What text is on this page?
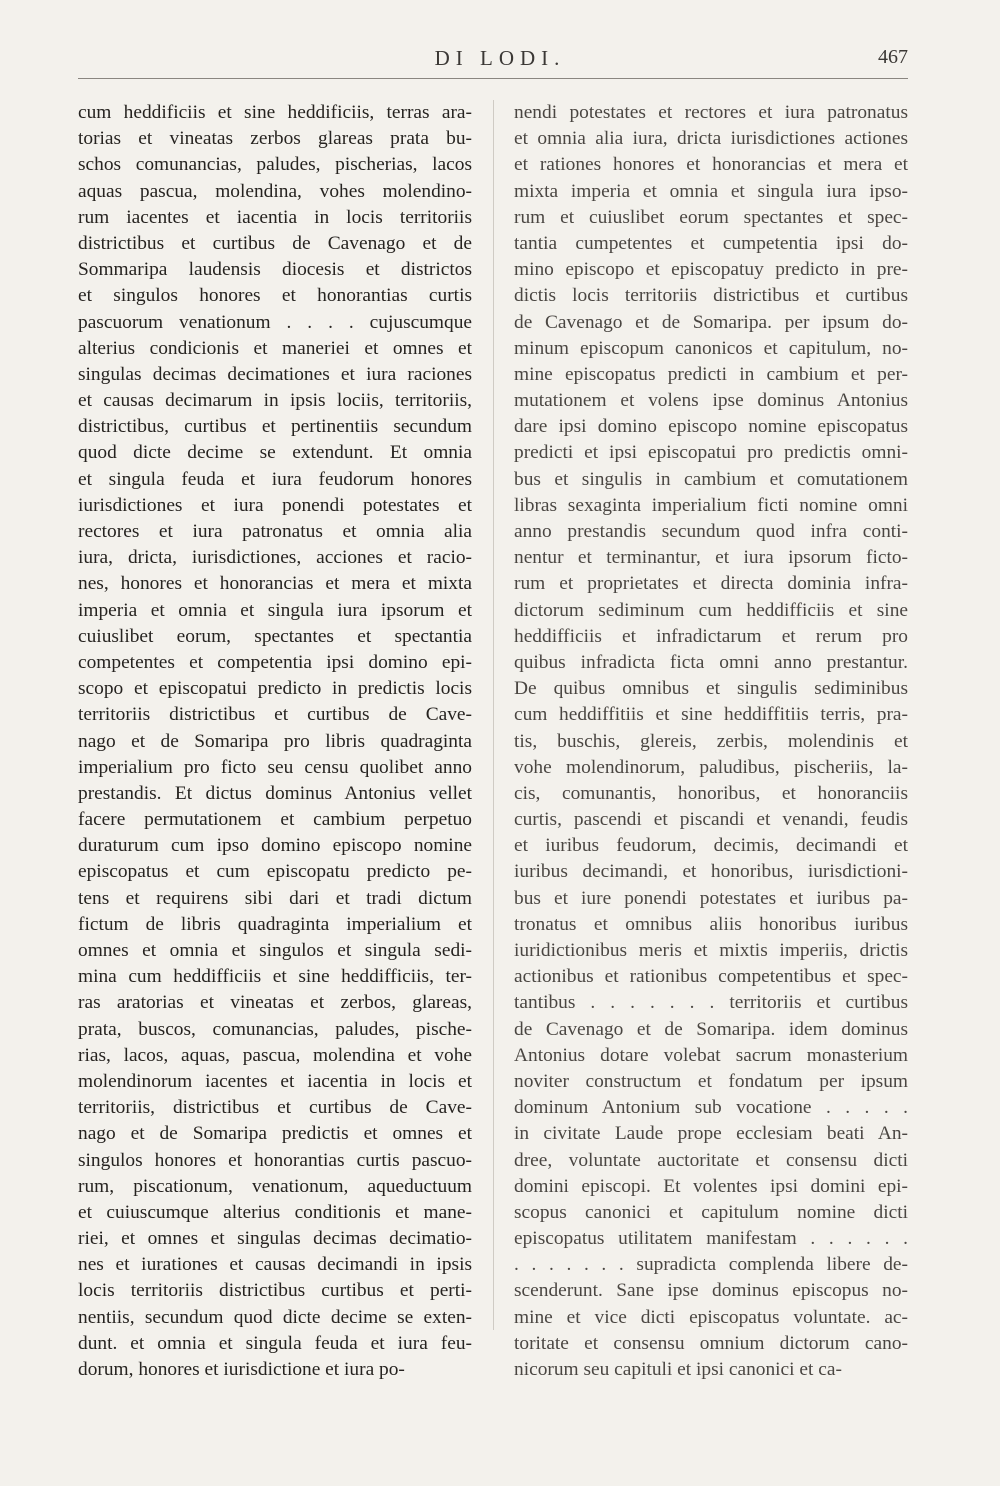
DI LODI.	467
cum heddificiis et sine heddificiis, terras ara-
torias et vineatas zerbos glareas prata bu-
schos comunancias, paludes, pischerias, lacos
aquas pascua, molendina, vohes molendino-
rum iacentes et iacentia in locis territoriis
districtibus et curtibus de Cavenago et de
Sommaripa laudensis diocesis et districtos
et singulos honores et honorantias curtis
pascuorum venationum . . . . cujuscumque
alterius condicionis et maneriei et omnes et
singulas decimas decimationes et iura raciones
et causas decimarum in ipsis lociis, territoriis,
districtibus, curtibus et pertinentiis secundum
quod dicte decime se extendunt. Et omnia
et singula feuda et iura feudorum honores
iurisdictiones et iura ponendi potestates et
rectores et iura patronatus et omnia alia
iura, dricta, iurisdictiones, acciones et racio-
nes, honores et honorancias et mera et mixta
imperia et omnia et singula iura ipsorum et
cuiuslibet eorum, spectantes et spectantia
competentes et competentia ipsi domino epi-
scopo et episcopatui predicto in predictis locis
territoriis districtibus et curtibus de Cave-
nago et de Somaripa pro libris quadraginta
imperialium pro ficto seu censu quolibet anno
prestandis. Et dictus dominus Antonius vellet
facere permutationem et cambium perpetuo
duraturum cum ipso domino episcopo nomine
episcopatus et cum episcopatu predicto pe-
tens et requirens sibi dari et tradi dictum
fictum de libris quadraginta imperialium et
omnes et omnia et singulos et singula sedi-
mina cum heddifficiis et sine heddifficiis, ter-
ras aratorias et vineatas et zerbos, glareas,
prata, buscos, comunancias, paludes, pische-
rias, lacos, aquas, pascua, molendina et vohe
molendinorum iacentes et iacentia in locis et
territoriis, districtibus et curtibus de Cave-
nago et de Somaripa predictis et omnes et
singulos honores et honorantias curtis pascuo-
rum, piscationum, venationum, aqueductuum
et cuiuscumque alterius conditionis et mane-
riei, et omnes et singulas decimas decimatio-
nes et iurationes et causas decimandi in ipsis
locis territoriis districtibus curtibus et perti-
nentiis, secundum quod dicte decime se exten-
dunt. et omnia et singula feuda et iura feu-
dorum, honores et iurisdictione et iura po-
nendi potestates et rectores et iura patronatus
et omnia alia iura, dricta iurisdictiones actiones
et rationes honores et honorancias et mera et
mixta imperia et omnia et singula iura ipso-
rum et cuiuslibet eorum spectantes et spec-
tantia cumpetentes et cumpetentia ipsi do-
mino episcopo et episcopatuy predicto in pre-
dictis locis territoriis districtibus et curtibus
de Cavenago et de Somaripa. per ipsum do-
minum episcopum canonicos et capitulum, no-
mine episcopatus predicti in cambium et per-
mutationem et volens ipse dominus Antonius
dare ipsi domino episcopo nomine episcopatus
predicti et ipsi episcopatui pro predictis omni-
bus et singulis in cambium et comutationem
libras sexaginta imperialium ficti nomine omni
anno prestandis secundum quod infra conti-
nentur et terminantur, et iura ipsorum ficto-
rum et proprietates et directa dominia infra-
dictorum sediminum cum heddifficiis et sine
heddifficiis et infradictarum et rerum pro
quibus infradicta ficta omni anno prestantur.
De quibus omnibus et singulis sediminibus
cum heddiffitiis et sine heddiffitiis terris, pra-
tis, buschis, glereis, zerbis, molendinis et
vohe molendinorum, paludibus, pischeriis, la-
cis, comunantis, honoribus, et honoranciis
curtis, pascendi et piscandi et venandi, feudis
et iuribus feudorum, decimis, decimandi et
iuribus decimandi, et honoribus, iurisdictioni-
bus et iure ponendi potestates et iuribus pa-
tronatus et omnibus aliis honoribus iuribus
iuridictionibus meris et mixtis imperiis, drictis
actionibus et rationibus competentibus et spec-
tantibus . . . . . . . territoriis et curtibus
de Cavenago et de Somaripa. idem dominus
Antonius dotare volebat sacrum monasterium
noviter constructum et fondatum per ipsum
dominum Antonium sub vocatione . . . . .
in civitate Laude prope ecclesiam beati An-
dree, voluntate auctoritate et consensu dicti
domini episcopi. Et volentes ipsi domini epi-
scopus canonici et capitulum nomine dicti
episcopatus utilitatem manifestam . . . . . .
. . . . . . . supradicta complenda libere de-
scenderunt. Sane ipse dominus episcopus no-
mine et vice dicti episcopatus voluntate. ac-
toritate et consensu omnium dictorum cano-
nicorum seu capituli et ipsi canonici et ca-
